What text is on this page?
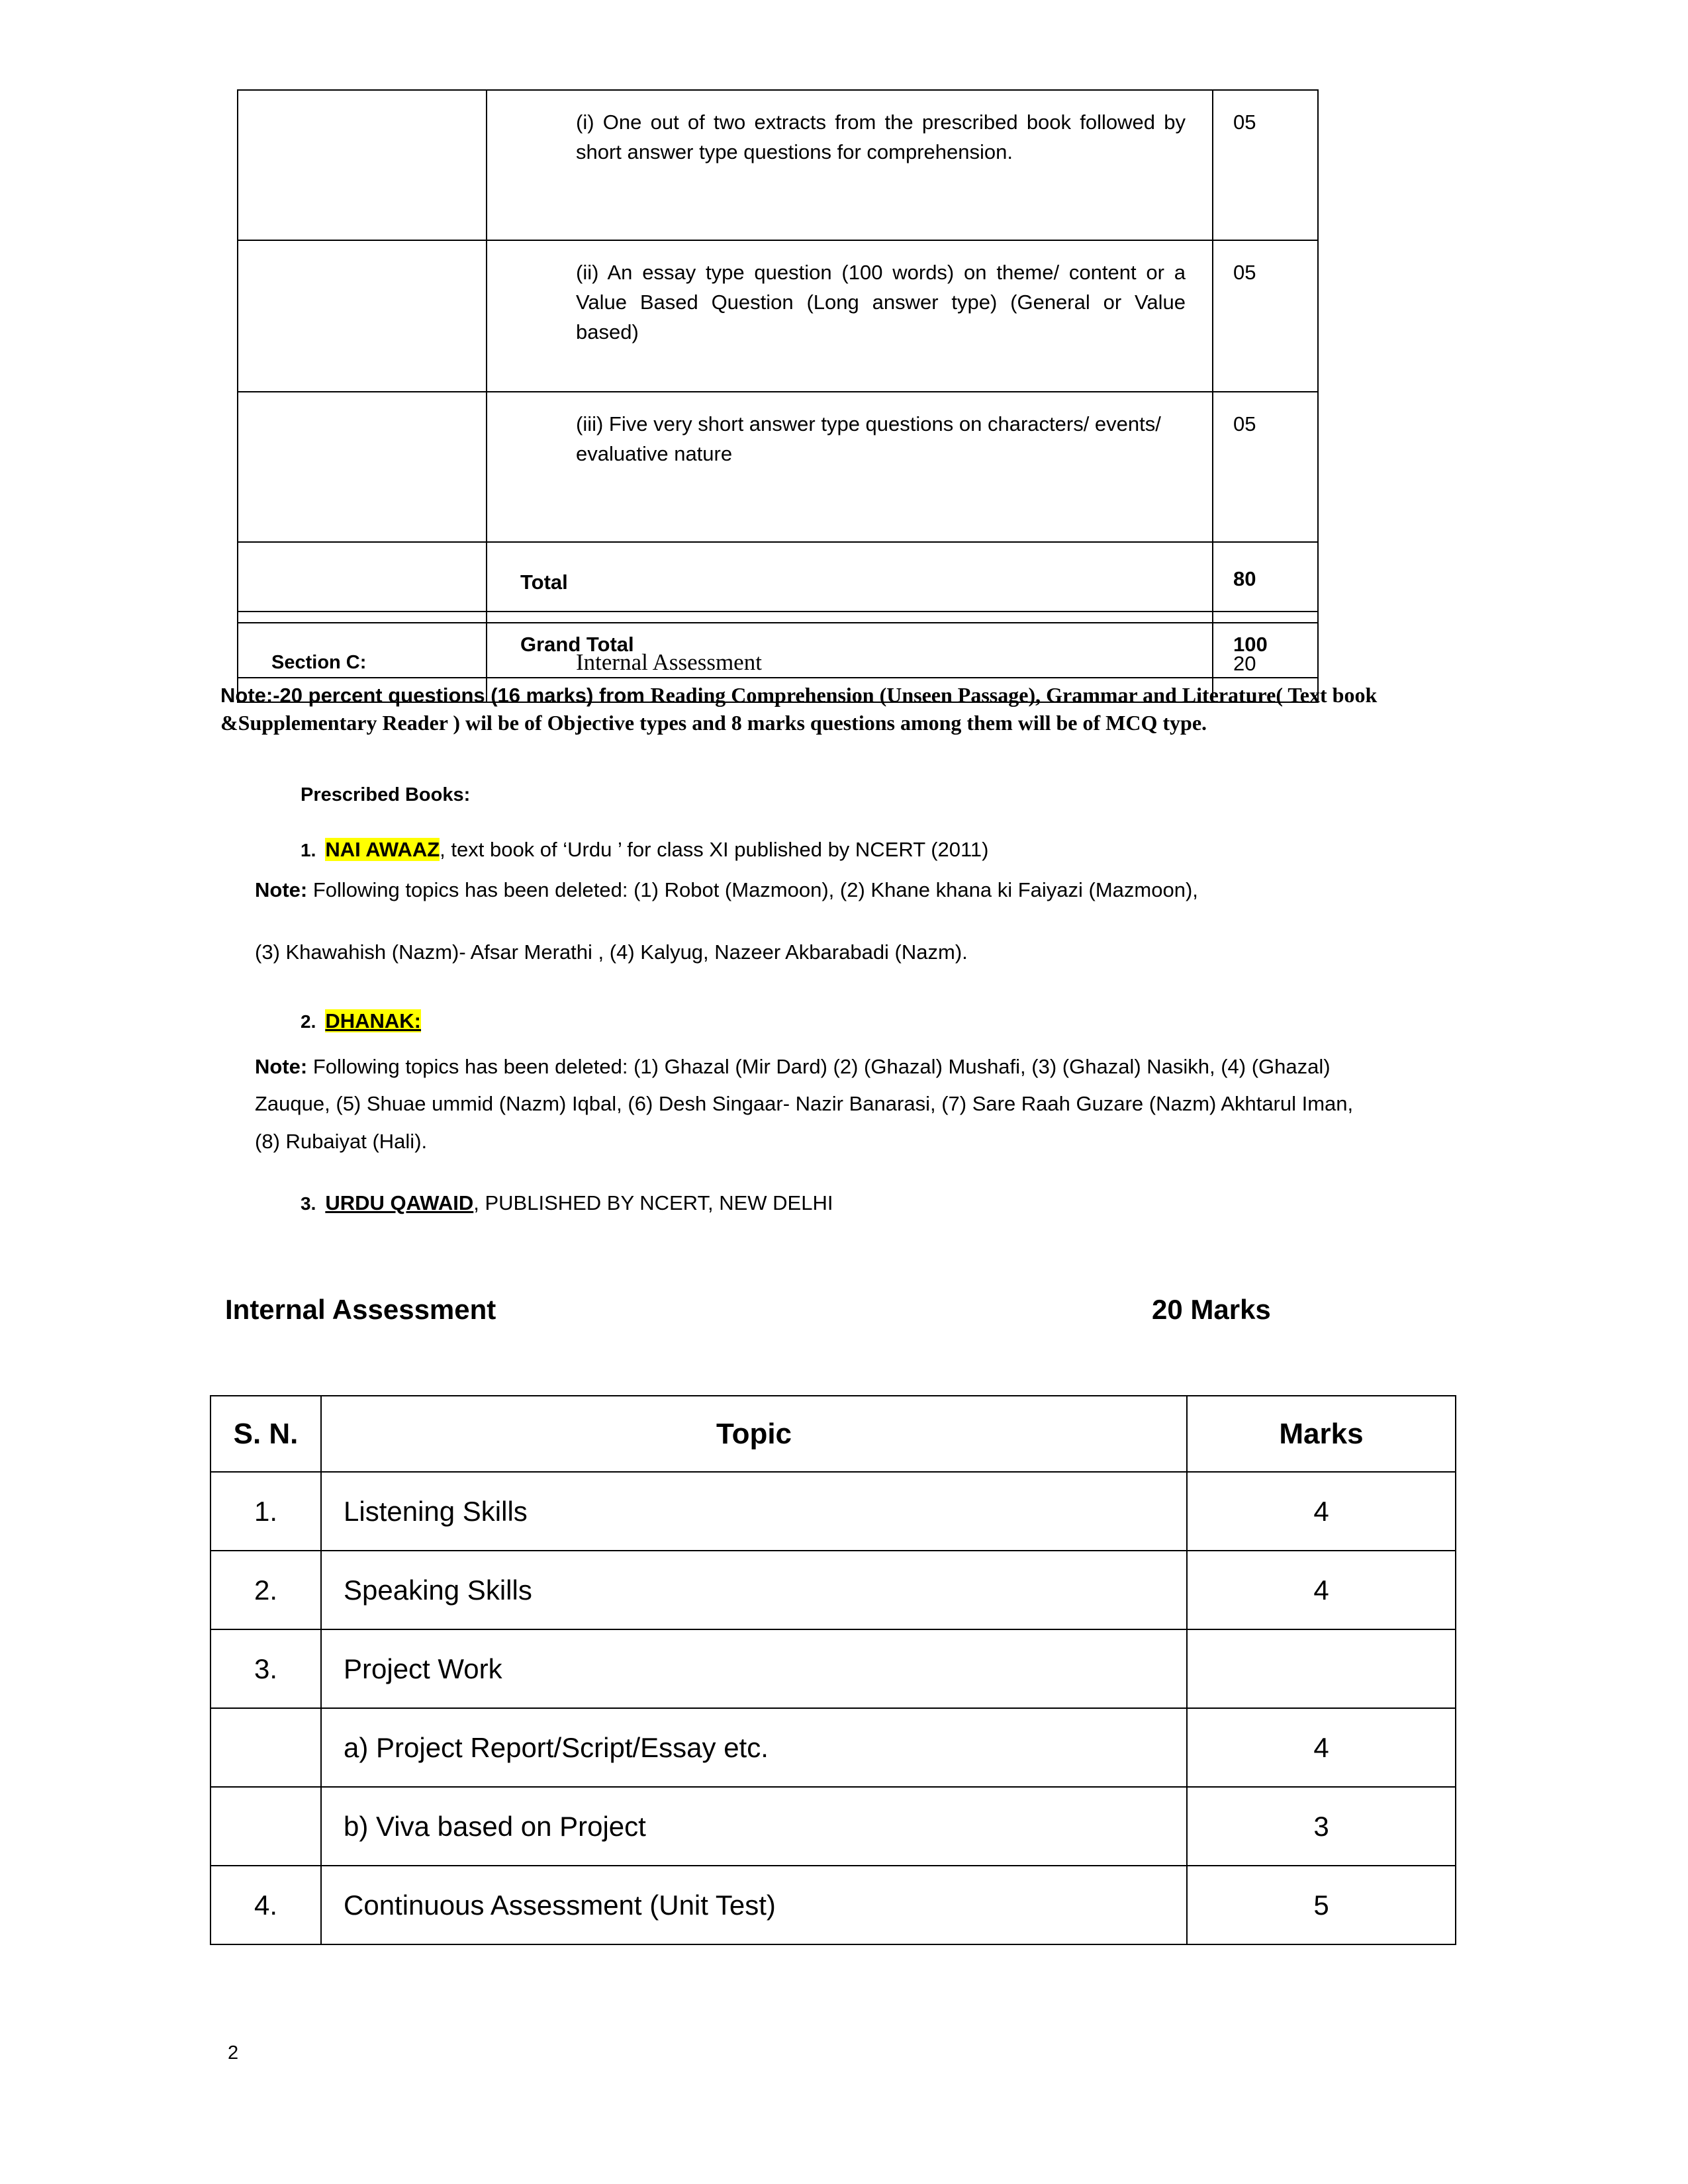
	(i) One out of two extracts from the prescribed book followed by short answer type questions for comprehension.	05
	(ii) An essay type question (100 words) on theme/ content or a Value Based Question (Long answer type) (General or Value based)	05
	(iii) Five very short answer type questions on characters/ events/ evaluative nature	05
	Total	80
Section C:	Internal Assessment	20
	Grand Total	100

Note:-20 percent questions (16 marks) from Reading Comprehension (Unseen Passage), Grammar and Literature( Text book &Supplementary Reader ) wil be of Objective types and 8 marks questions among them will be of MCQ type.

Prescribed Books:
1. NAI AWAAZ, text book of ‘Urdu ’ for class XI published by NCERT (2011)
Note: Following topics has been deleted: (1) Robot (Mazmoon), (2) Khane khana ki Faiyazi (Mazmoon),
(3) Khawahish (Nazm)- Afsar Merathi , (4) Kalyug, Nazeer Akbarabadi (Nazm).
2. DHANAK:
Note: Following topics has been deleted: (1) Ghazal (Mir Dard) (2) (Ghazal) Mushafi, (3) (Ghazal) Nasikh, (4) (Ghazal) Zauque, (5) Shuae ummid (Nazm) Iqbal, (6) Desh Singaar- Nazir Banarasi, (7) Sare Raah Guzare (Nazm) Akhtarul Iman, (8) Rubaiyat (Hali).
3. URDU QAWAID, PUBLISHED BY NCERT, NEW DELHI
Internal Assessment	20 Marks
S. N.	Topic	Marks
1.	Listening Skills	4
2.	Speaking Skills	4
3.	Project Work	
	a) Project Report/Script/Essay etc.	4
	b) Viva based on Project	3
4.	Continuous Assessment (Unit Test)	5
2
